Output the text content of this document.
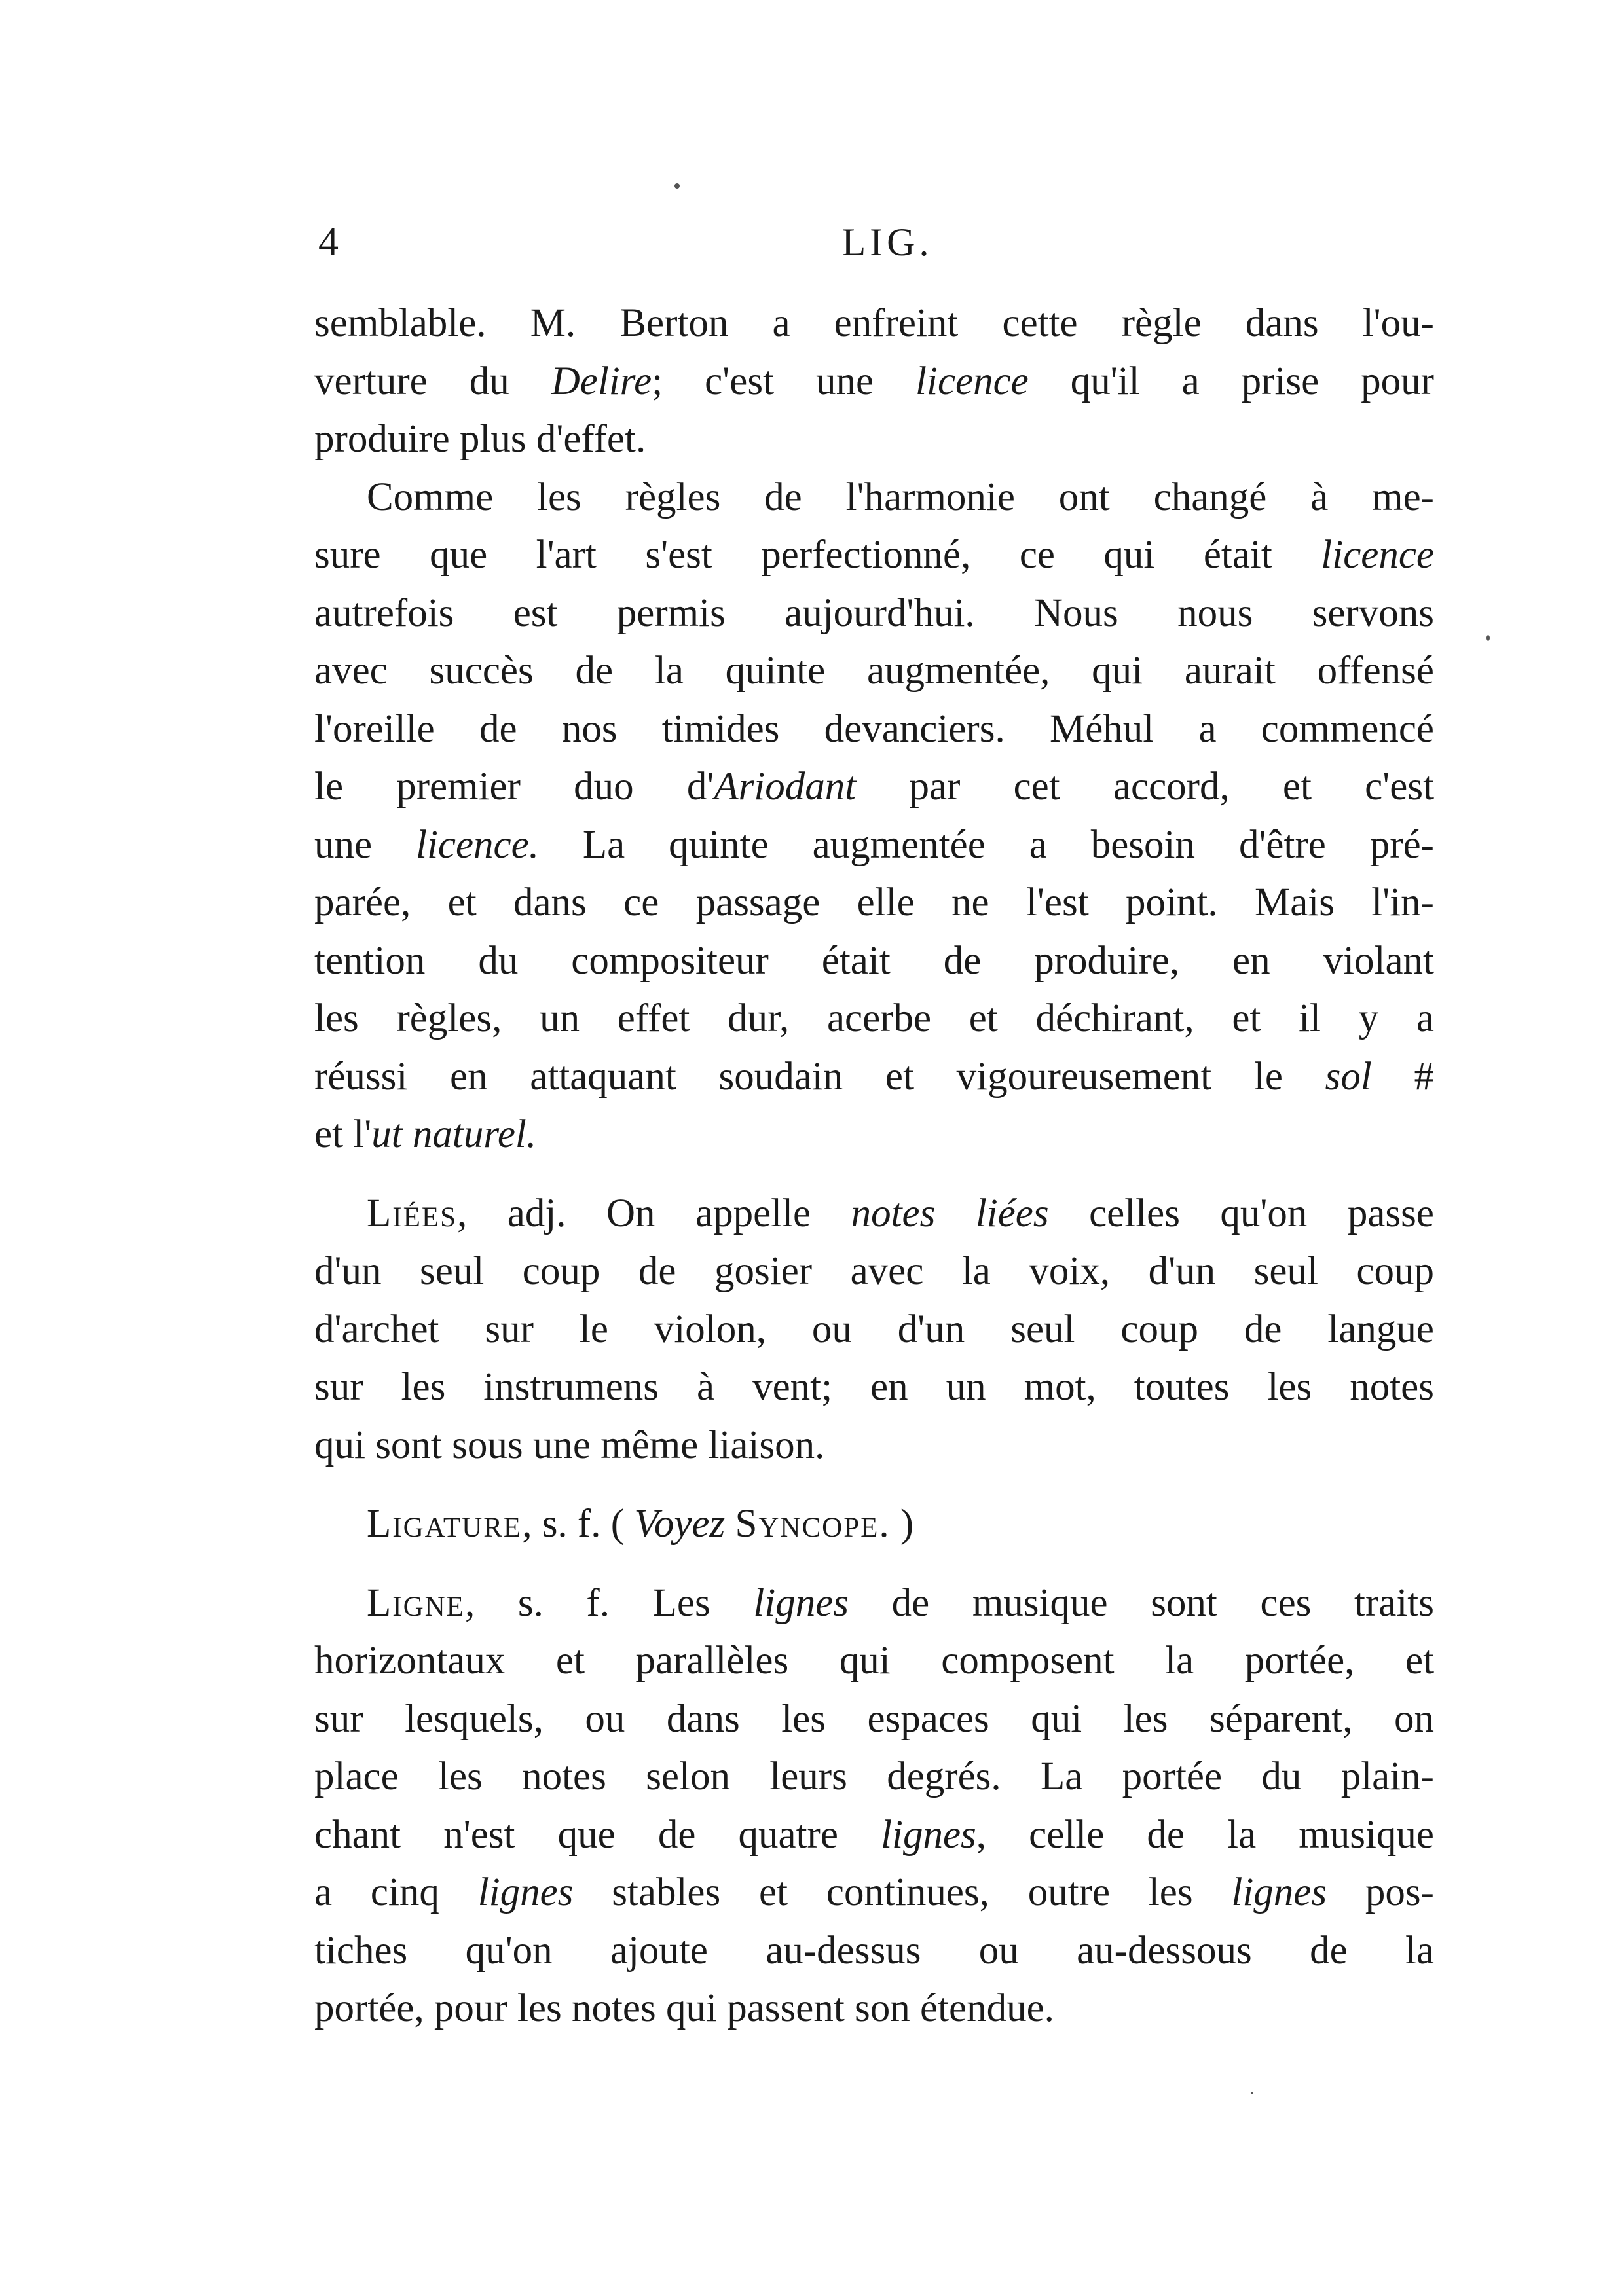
4	LIG.
semblable. M. Berton a enfreint cette règle dans l'ou-
verture du Delire; c'est une licence qu'il a prise pour
produire plus d'effet.
Comme les règles de l'harmonie ont changé à me-
sure que l'art s'est perfectionné, ce qui était licence
autrefois est permis aujourd'hui. Nous nous servons
avec succès de la quinte augmentée, qui aurait offensé
l'oreille de nos timides devanciers. Méhul a commencé
le premier duo d'Ariodant par cet accord, et c'est
une licence. La quinte augmentée a besoin d'être pré-
parée, et dans ce passage elle ne l'est point. Mais l'in-
tention du compositeur était de produire, en violant
les règles, un effet dur, acerbe et déchirant, et il y a
réussi en attaquant soudain et vigoureusement le sol #
et l'ut naturel.
Liées, adj. On appelle notes liées celles qu'on passe
d'un seul coup de gosier avec la voix, d'un seul coup
d'archet sur le violon, ou d'un seul coup de langue
sur les instrumens à vent; en un mot, toutes les notes
qui sont sous une même liaison.
Ligature, s. f. ( Voyez Syncope. )
Ligne, s. f. Les lignes de musique sont ces traits
horizontaux et parallèles qui composent la portée, et
sur lesquels, ou dans les espaces qui les séparent, on
place les notes selon leurs degrés. La portée du plain-
chant n'est que de quatre lignes, celle de la musique
a cinq lignes stables et continues, outre les lignes pos-
tiches qu'on ajoute au-dessus ou au-dessous de la
portée, pour les notes qui passent son étendue.
